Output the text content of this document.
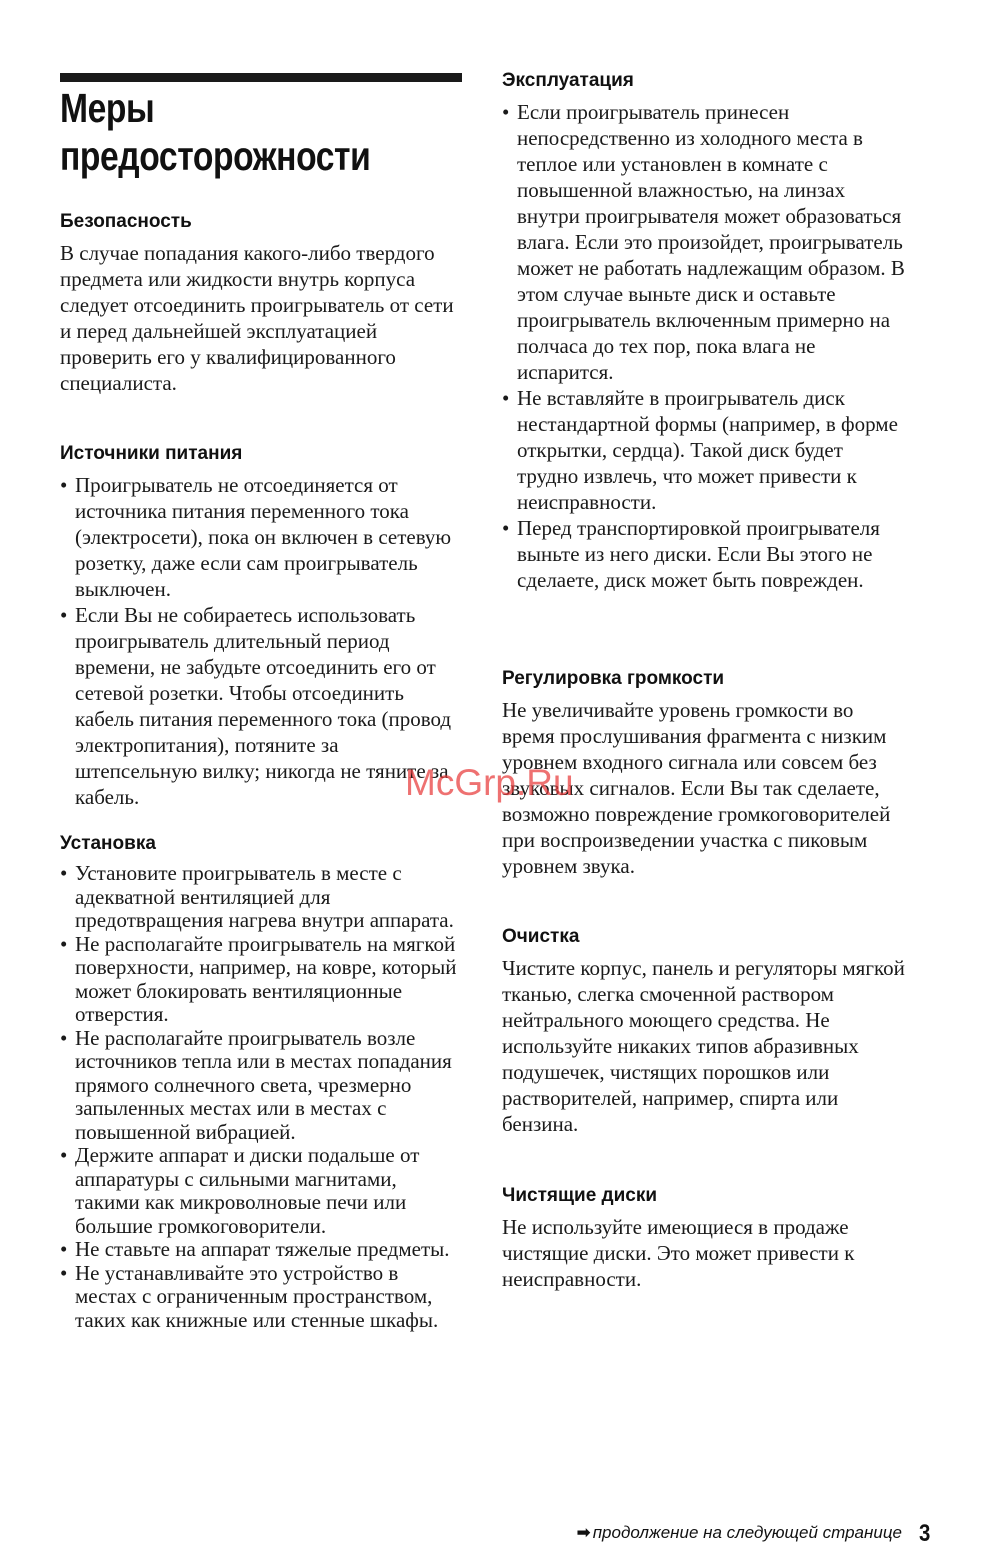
Меры
предосторожности
Безопасность

В случае попадания какого-либо твердого предмета или жидкости внутрь корпуса следует отсоединить проигрыватель от сети и перед дальнейшей эксплуатацией проверить его у квалифицированного специалиста.

Источники питания
• Проигрыватель не отсоединяется от источника питания переменного тока (электросети), пока он включен в сетевую розетку, даже если сам проигрыватель выключен.
• Если Вы не собираетесь использовать проигрыватель длительный период времени, не забудьте отсоединить его от сетевой розетки. Чтобы отсоединить кабель питания переменного тока (провод электропитания), потяните за штепсельную вилку; никогда не тяните за кабель.
Установка
• Установите проигрыватель в месте с адекватной вентиляцией для предотвращения нагрева внутри аппарата.
• Не располагайте проигрыватель на мягкой поверхности, например, на ковре, который может блокировать вентиляционные отверстия.
• Не располагайте проигрыватель возле источников тепла или в местах попадания прямого солнечного света, чрезмерно запыленных местах или в местах с повышенной вибрацией.
• Держите аппарат и диски подальше от аппаратуры с сильными магнитами, такими как микроволновые печи или большие громкоговорители.
• Не ставьте на аппарат тяжелые предметы.
• Не устанавливайте это устройство в местах с ограниченным пространством, таких как книжные или стенные шкафы.
Эксплуатация
• Если проигрыватель принесен непосредственно из холодного места в теплое или установлен в комнате с повышенной влажностью, на линзах внутри проигрывателя может образоваться влага. Если это произойдет, проигрыватель может не работать надлежащим образом. В этом случае выньте диск и оставьте проигрыватель включенным примерно на полчаса до тех пор, пока влага не испарится.
• Не вставляйте в проигрыватель диск нестандартной формы (например, в форме открытки, сердца). Такой диск будет трудно извлечь, что может привести к неисправности.
• Перед транспортировкой проигрывателя выньте из него диски. Если Вы этого не сделаете, диск может быть поврежден.
Регулировка громкости

Не увеличивайте уровень громкости во время прослушивания фрагмента с низким уровнем входного сигнала или совсем без звуковых сигналов. Если Вы так сделаете, возможно повреждение громкоговорителей при воспроизведении участка с пиковым уровнем звука.

Очистка

Чистите корпус, панель и регуляторы мягкой тканью, слегка смоченной раствором нейтрального моющего средства. Не используйте никаких типов абразивных подушечек, чистящих порошков или растворителей, например, спирта или бензина.

Чистящие диски

Не используйте имеющиеся в продаже чистящие диски. Это может привести к неисправности.

McGrp.Ru
➡ продолжение на следующей странице 3
